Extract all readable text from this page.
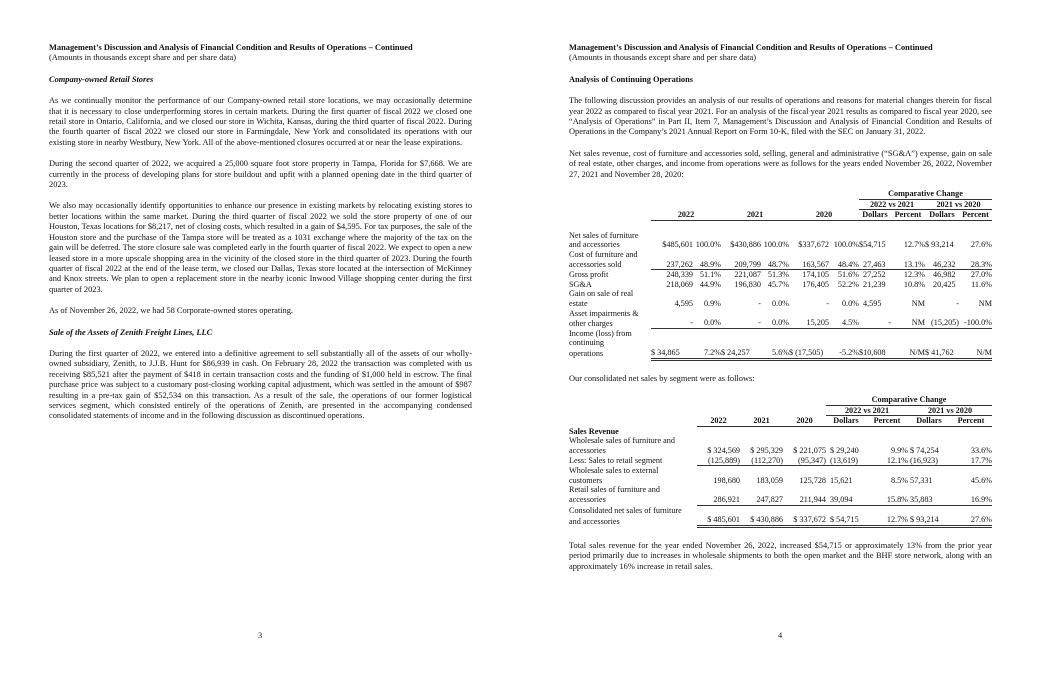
Management’s Discussion and Analysis of Financial Condition and Results of Operations – Continued
(Amounts in thousands except share and per share data)
Company-owned Retail Stores

As we continually monitor the performance of our Company-owned retail store locations, we may occasionally determine that it is necessary to close underperforming stores in certain markets. During the first quarter of fiscal 2022 we closed one retail store in Ontario, California, and we closed our store in Wichita, Kansas, during the third quarter of fiscal 2022. During the fourth quarter of fiscal 2022 we closed our store in Farmingdale, New York and consolidated its operations with our existing store in nearby Westbury, New York. All of the above-mentioned closures occurred at or near the lease expirations.

During the second quarter of 2022, we acquired a 25,000 square foot store property in Tampa, Florida for $7,668. We are currently in the process of developing plans for store buildout and upfit with a planned opening date in the third quarter of 2023.

We also may occasionally identify opportunities to enhance our presence in existing markets by relocating existing stores to better locations within the same market. During the third quarter of fiscal 2022 we sold the store property of one of our Houston, Texas locations for $8,217, net of closing costs, which resulted in a gain of $4,595. For tax purposes, the sale of the Houston store and the purchase of the Tampa store will be treated as a 1031 exchange where the majority of the tax on the gain will be deferred. The store closure sale was completed early in the fourth quarter of fiscal 2022. We expect to open a new leased store in a more upscale shopping area in the vicinity of the closed store in the third quarter of 2023. During the fourth quarter of fiscal 2022 at the end of the lease term, we closed our Dallas, Texas store located at the intersection of McKinney and Knox streets. We plan to open a replacement store in the nearby iconic Inwood Village shopping center during the first quarter of 2023.

As of November 26, 2022, we had 58 Corporate-owned stores operating.

Sale of the Assets of Zenith Freight Lines, LLC

During the first quarter of 2022, we entered into a definitive agreement to sell substantially all of the assets of our wholly-owned subsidiary, Zenith, to J.J.B. Hunt for $86,939 in cash. On February 28, 2022 the transaction was completed with us receiving $85,521 after the payment of $418 in certain transaction costs and the funding of $1,000 held in escrow. The final purchase price was subject to a customary post-closing working capital adjustment, which was settled in the amount of $987 resulting in a pre-tax gain of $52,534 on this transaction. As a result of the sale, the operations of our former logistical services segment, which consisted entirely of the operations of Zenith, are presented in the accompanying condensed consolidated statements of income and in the following discussion as discontinued operations.

3
Management’s Discussion and Analysis of Financial Condition and Results of Operations – Continued
(Amounts in thousands except share and per share data)
Analysis of Continuing Operations

The following discussion provides an analysis of our results of operations and reasons for material changes therein for fiscal year 2022 as compared to fiscal year 2021. For an analysis of the fiscal year 2021 results as compared to fiscal year 2020, see “Analysis of Operations” in Part II, Item 7, Management’s Discussion and Analysis of Financial Condition and Results of Operations in the Company’s 2021 Annual Report on Form 10-K, filed with the SEC on January 31, 2022.

Net sales revenue, cost of furniture and accessories sold, selling, general and administrative (“SG&A”) expense, gain on sale of real estate, other charges, and income from operations were as follows for the years ended November 26, 2022, November 27, 2021 and November 28, 2020:

							Comparative Change			
							2022 vs 2021		2021 vs 2020	
	2022		2021		2020		Dollars	Percent	Dollars	Percent

Net sales of furniture										
and accessories	$485,601	100.0%	$430,886	100.0%	$337,672	100.0%	$54,715	12.7%	$ 93,214	27.6%
Cost of furniture and										
accessories sold	237,262	48.9%	209,799	48.7%	163,567	48.4%	27,463	13.1%	46,232	28.3%
Gross profit	248,339	51.1%	221,087	51.3%	174,105	51.6%	27,252	12.3%	46,982	27.0%
SG&A	218,069	44.9%	196,830	45.7%	176,405	52.2%	21,239	10.8%	20,425	11.6%
Gain on sale of real										
estate	4,595	0.9%	-	0.0%	-	0.0%	4,595	NM	-	NM
Asset impairments &										
other charges	-	0.0%	-	0.0%	15,205	4.5%	-	NM	(15,205)	-100.0%
Income (loss) from										
continuing										
operations	$ 34,865	7.2%	$ 24,257	5.6%	$ (17,505)	-5.2%	$10,608	N/M	$ 41,762	N/M

Our consolidated net sales by segment were as follows:

				Comparative Change			
				2022 vs 2021		2021 vs 2020	
	2022	2021	2020	Dollars	Percent	Dollars	Percent
Sales Revenue							
Wholesale sales of furniture and							
accessories	$ 324,569	$ 295,329	$ 221,075	$ 29,240	9.9%	$ 74,254	33.6%
Less: Sales to retail segment	(125,889)	(112,270)	(95,347)	(13,619)	12.1%	(16,923)	17.7%
Wholesale sales to external							
customers	198,680	183,059	125,728	15,621	8.5%	57,331	45.6%
Retail sales of furniture and							
accessories	286,921	247,827	211,944	39,094	15.8%	35,883	16.9%
Consolidated net sales of furniture							
and accessories	$ 485,601	$ 430,886	$ 337,672	$ 54,715	12.7%	$ 93,214	27.6%

Total sales revenue for the year ended November 26, 2022, increased $54,715 or approximately 13% from the prior year period primarily due to increases in wholesale shipments to both the open market and the BHF store network, along with an approximately 16% increase in retail sales.

4
